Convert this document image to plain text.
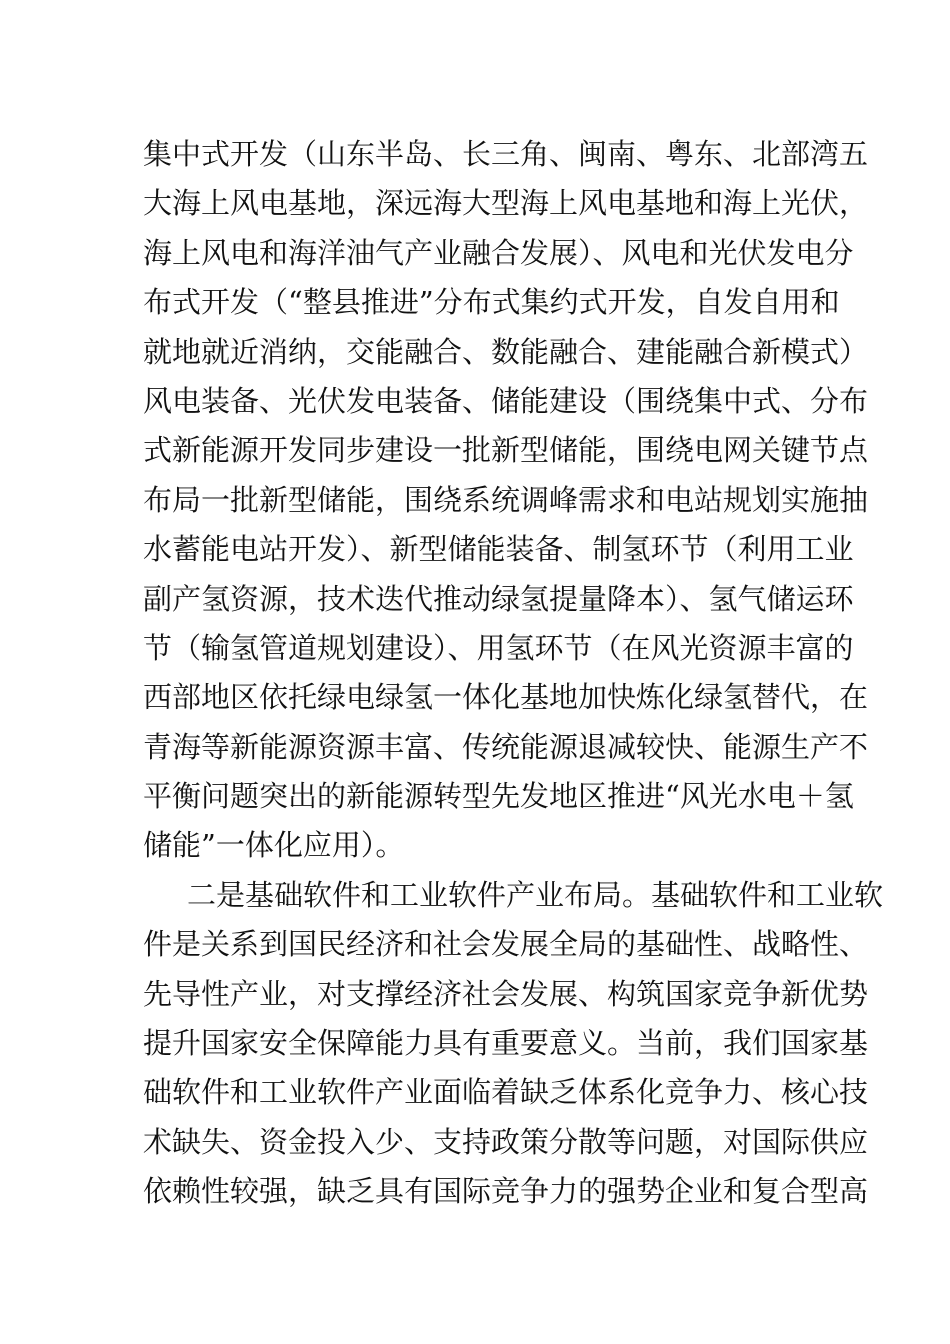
集中式开发（山东半岛、长三角、闽南、粤东、北部湾五
大海上风电基地，深远海大型海上风电基地和海上光伏，
海上风电和海洋油气产业融合发展）、风电和光伏发电分
布式开发（“整县推进”分布式集约式开发，自发自用和
就地就近消纳，交能融合、数能融合、建能融合新模式）
风电装备、光伏发电装备、储能建设（围绕集中式、分布
式新能源开发同步建设一批新型储能，围绕电网关键节点
布局一批新型储能，围绕系统调峰需求和电站规划实施抽
水蓄能电站开发）、新型储能装备、制氢环节（利用工业
副产氢资源，技术迭代推动绿氢提量降本）、氢气储运环
节（输氢管道规划建设）、用氢环节（在风光资源丰富的
西部地区依托绿电绿氢一体化基地加快炼化绿氢替代，在
青海等新能源资源丰富、传统能源退减较快、能源生产不
平衡问题突出的新能源转型先发地区推进“风光水电＋氢
储能”一体化应用）。
二是基础软件和工业软件产业布局。基础软件和工业软
件是关系到国民经济和社会发展全局的基础性、战略性、
先导性产业，对支撑经济社会发展、构筑国家竞争新优势
提升国家安全保障能力具有重要意义。当前，我们国家基
础软件和工业软件产业面临着缺乏体系化竞争力、核心技
术缺失、资金投入少、支持政策分散等问题，对国际供应
依赖性较强，缺乏具有国际竞争力的强势企业和复合型高
